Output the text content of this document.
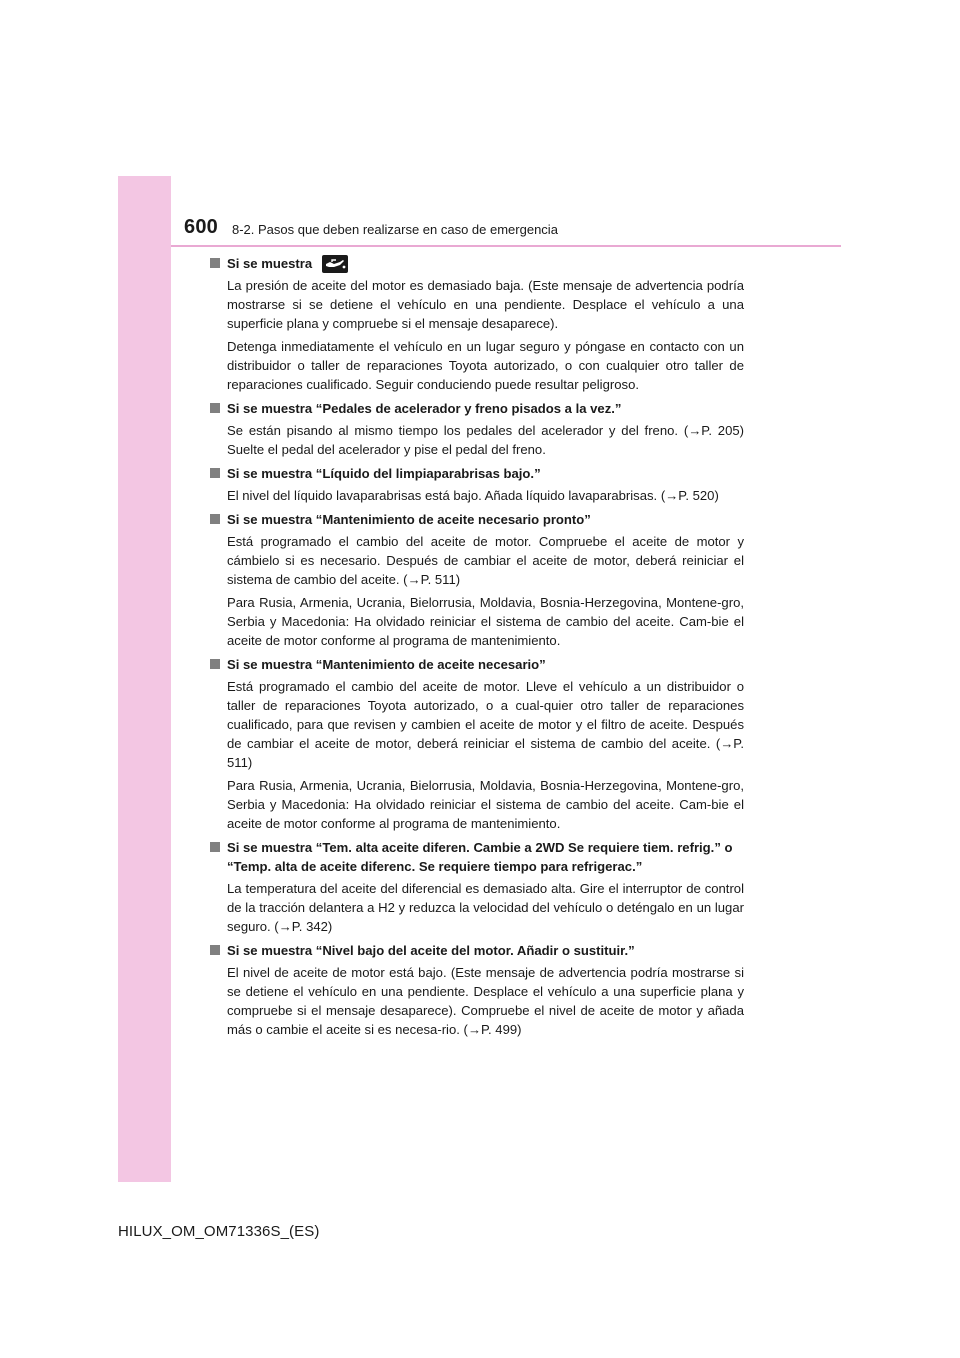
600 8-2. Pasos que deben realizarse en caso de emergencia
Si se muestra
La presión de aceite del motor es demasiado baja. (Este mensaje de advertencia podría mostrarse si se detiene el vehículo en una pendiente. Desplace el vehículo a una superficie plana y compruebe si el mensaje desaparece).
Detenga inmediatamente el vehículo en un lugar seguro y póngase en contacto con un distribuidor o taller de reparaciones Toyota autorizado, o con cualquier otro taller de reparaciones cualificado. Seguir conduciendo puede resultar peligroso.
Si se muestra “Pedales de acelerador y freno pisados a la vez.”
Se están pisando al mismo tiempo los pedales del acelerador y del freno. (→P. 205) Suelte el pedal del acelerador y pise el pedal del freno.
Si se muestra “Líquido del limpiaparabrisas bajo.”
El nivel del líquido lavaparabrisas está bajo. Añada líquido lavaparabrisas. (→P. 520)
Si se muestra “Mantenimiento de aceite necesario pronto”
Está programado el cambio del aceite de motor. Compruebe el aceite de motor y cámbielo si es necesario. Después de cambiar el aceite de motor, deberá reiniciar el sistema de cambio del aceite. (→P. 511)
Para Rusia, Armenia, Ucrania, Bielorrusia, Moldavia, Bosnia-Herzegovina, Montene-gro, Serbia y Macedonia: Ha olvidado reiniciar el sistema de cambio del aceite. Cam-bie el aceite de motor conforme al programa de mantenimiento.
Si se muestra “Mantenimiento de aceite necesario”
Está programado el cambio del aceite de motor. Lleve el vehículo a un distribuidor o taller de reparaciones Toyota autorizado, o a cual-quier otro taller de reparaciones cualificado, para que revisen y cambien el aceite de motor y el filtro de aceite. Después de cambiar el aceite de motor, deberá reiniciar el sistema de cambio del aceite. (→P. 511)
Para Rusia, Armenia, Ucrania, Bielorrusia, Moldavia, Bosnia-Herzegovina, Montene-gro, Serbia y Macedonia: Ha olvidado reiniciar el sistema de cambio del aceite. Cam-bie el aceite de motor conforme al programa de mantenimiento.
Si se muestra “Tem. alta aceite diferen. Cambie a 2WD Se requiere tiem. refrig.” o “Temp. alta de aceite diferenc. Se requiere tiempo para refrigerac.”
La temperatura del aceite del diferencial es demasiado alta. Gire el interruptor de control de la tracción delantera a H2 y reduzca la velocidad del vehículo o deténgalo en un lugar seguro. (→P. 342)
Si se muestra “Nivel bajo del aceite del motor. Añadir o sustituir.”
El nivel de aceite de motor está bajo. (Este mensaje de advertencia podría mostrarse si se detiene el vehículo en una pendiente. Desplace el vehículo a una superficie plana y compruebe si el mensaje desaparece). Compruebe el nivel de aceite de motor y añada más o cambie el aceite si es necesa-rio. (→P. 499)
HILUX_OM_OM71336S_(ES)
